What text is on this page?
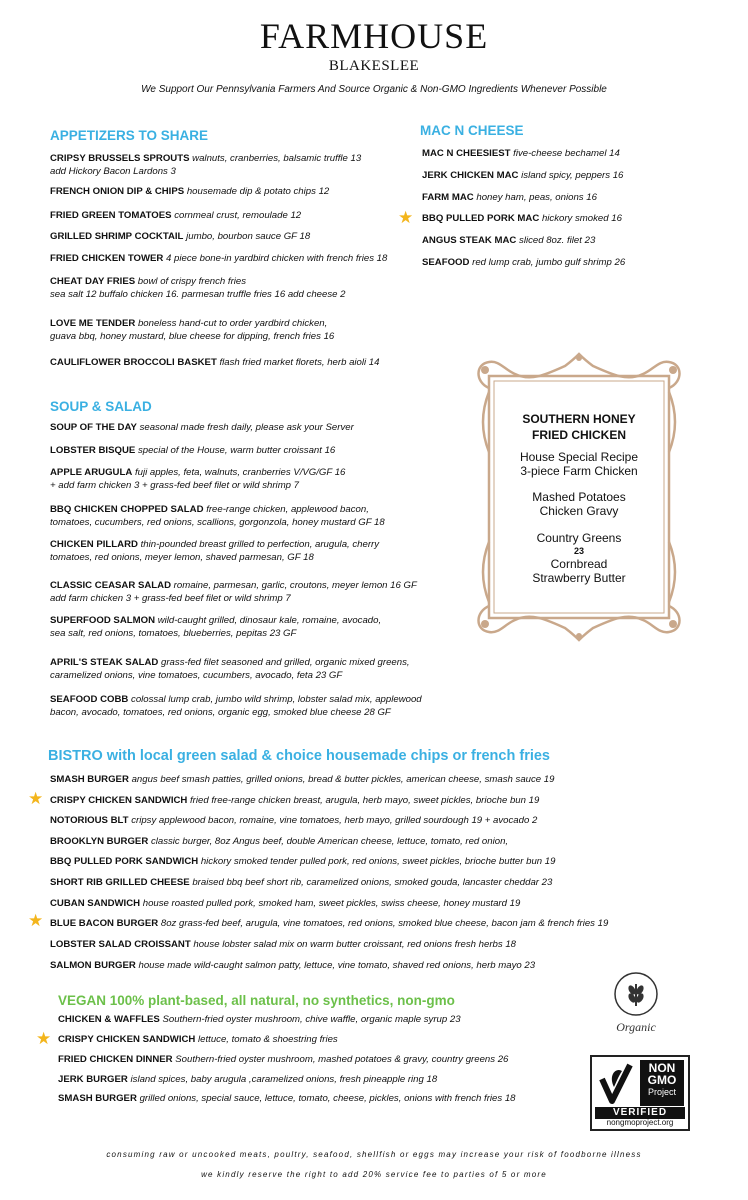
FARMHOUSE
BLAKESLEE
We Support Our Pennsylvania Farmers And Source Organic & Non-GMO Ingredients Whenever Possible
APPETIZERS TO SHARE
CRIPSY BRUSSELS SPROUTS walnuts, cranberries, balsamic truffle 13
add Hickory Bacon Lardons 3
FRENCH ONION DIP & CHIPS housemade dip & potato chips 12
FRIED GREEN TOMATOES cornmeal crust, remoulade 12
GRILLED SHRIMP COCKTAIL jumbo, bourbon sauce GF 18
FRIED CHICKEN TOWER 4 piece bone-in yardbird chicken with french fries 18
CHEAT DAY FRIES bowl of crispy french fries
sea salt 12 buffalo chicken 16. parmesan truffle fries 16 add cheese 2
LOVE ME TENDER boneless hand-cut to order yardbird chicken,
guava bbq, honey mustard, blue cheese for dipping, french fries 16
CAULIFLOWER BROCCOLI BASKET flash fried market florets, herb aioli 14
MAC N CHEESE
MAC N CHEESIEST five-cheese bechamel 14
JERK CHICKEN MAC island spicy, peppers 16
FARM MAC honey ham, peas, onions 16
★ BBQ PULLED PORK MAC hickory smoked 16
ANGUS STEAK MAC sliced 8oz. filet 23
SEAFOOD red lump crab, jumbo gulf shrimp 26
SOUTHERN HONEY
FRIED CHICKEN
House Special Recipe
3-piece Farm Chicken
Mashed Potatoes
Chicken Gravy
Country Greens
23
Cornbread
Strawberry Butter
SOUP & SALAD
SOUP OF THE DAY seasonal made fresh daily, please ask your Server
LOBSTER BISQUE special of the House, warm butter croissant 16
APPLE ARUGULA fuji apples, feta, walnuts, cranberries V/VG/GF 16
+ add farm chicken 3 + grass-fed beef filet or wild shrimp 7
BBQ CHICKEN CHOPPED SALAD free-range chicken, applewood bacon,
tomatoes, cucumbers, red onions, scallions, gorgonzola, honey mustard GF 18
CHICKEN PILLARD thin-pounded breast grilled to perfection, arugula, cherry
tomatoes, red onions, meyer lemon, shaved parmesan, GF 18
CLASSIC CEASAR SALAD romaine, parmesan, garlic, croutons, meyer lemon 16 GF
add farm chicken 3 + grass-fed beef filet or wild shrimp 7
SUPERFOOD SALMON wild-caught grilled, dinosaur kale, romaine, avocado,
sea salt, red onions, tomatoes, blueberries, pepitas 23 GF
APRIL'S STEAK SALAD grass-fed filet seasoned and grilled, organic mixed greens,
caramelized onions, vine tomatoes, cucumbers, avocado, feta 23 GF
SEAFOOD COBB colossal lump crab, jumbo wild shrimp, lobster salad mix, applewood
bacon, avocado, tomatoes, red onions, organic egg, smoked blue cheese 28 GF
BISTRO with local green salad & choice housemade chips or french fries
SMASH BURGER angus beef smash patties, grilled onions, bread & butter pickles, american cheese, smash sauce 19
★ CRISPY CHICKEN SANDWICH fried free-range chicken breast, arugula, herb mayo, sweet pickles, brioche bun 19
NOTORIOUS BLT cripsy applewood bacon, romaine, vine tomatoes, herb mayo, grilled sourdough 19 + avocado 2
BROOKLYN BURGER classic burger, 8oz Angus beef, double American cheese, lettuce, tomato, red onion,
BBQ PULLED PORK SANDWICH hickory smoked tender pulled pork, red onions, sweet pickles, brioche butter bun 19
SHORT RIB GRILLED CHEESE braised bbq beef short rib, caramelized onions, smoked gouda, lancaster cheddar 23
CUBAN SANDWICH house roasted pulled pork, smoked ham, sweet pickles, swiss cheese, honey mustard 19
★ BLUE BACON BURGER 8oz grass-fed beef, arugula, vine tomatoes, red onions, smoked blue cheese, bacon jam & french fries 19
LOBSTER SALAD CROISSANT house lobster salad mix on warm butter croissant, red onions fresh herbs 18
SALMON BURGER house made wild-caught salmon patty, lettuce, vine tomato, shaved red onions, herb mayo 23
VEGAN 100% plant-based, all natural, no synthetics, non-gmo
CHICKEN & WAFFLES Southern-fried oyster mushroom, chive waffle, organic maple syrup 23
★ CRISPY CHICKEN SANDWICH lettuce, tomato & shoestring fries
FRIED CHICKEN DINNER Southern-fried oyster mushroom, mashed potatoes & gravy, country greens 26
JERK BURGER island spices, baby arugula ,caramelized onions, fresh pineapple ring 18
SMASH BURGER grilled onions, special sauce, lettuce, tomato, cheese, pickles, onions with french fries 18
Organic
NON
GMO
Project
VERIFIED
nongmoproject.org
consuming raw or uncooked meats, poultry, seafood, shellfish or eggs may increase your risk of foodborne illness
we kindly reserve the right to add 20% service fee to parties of 5 or more
